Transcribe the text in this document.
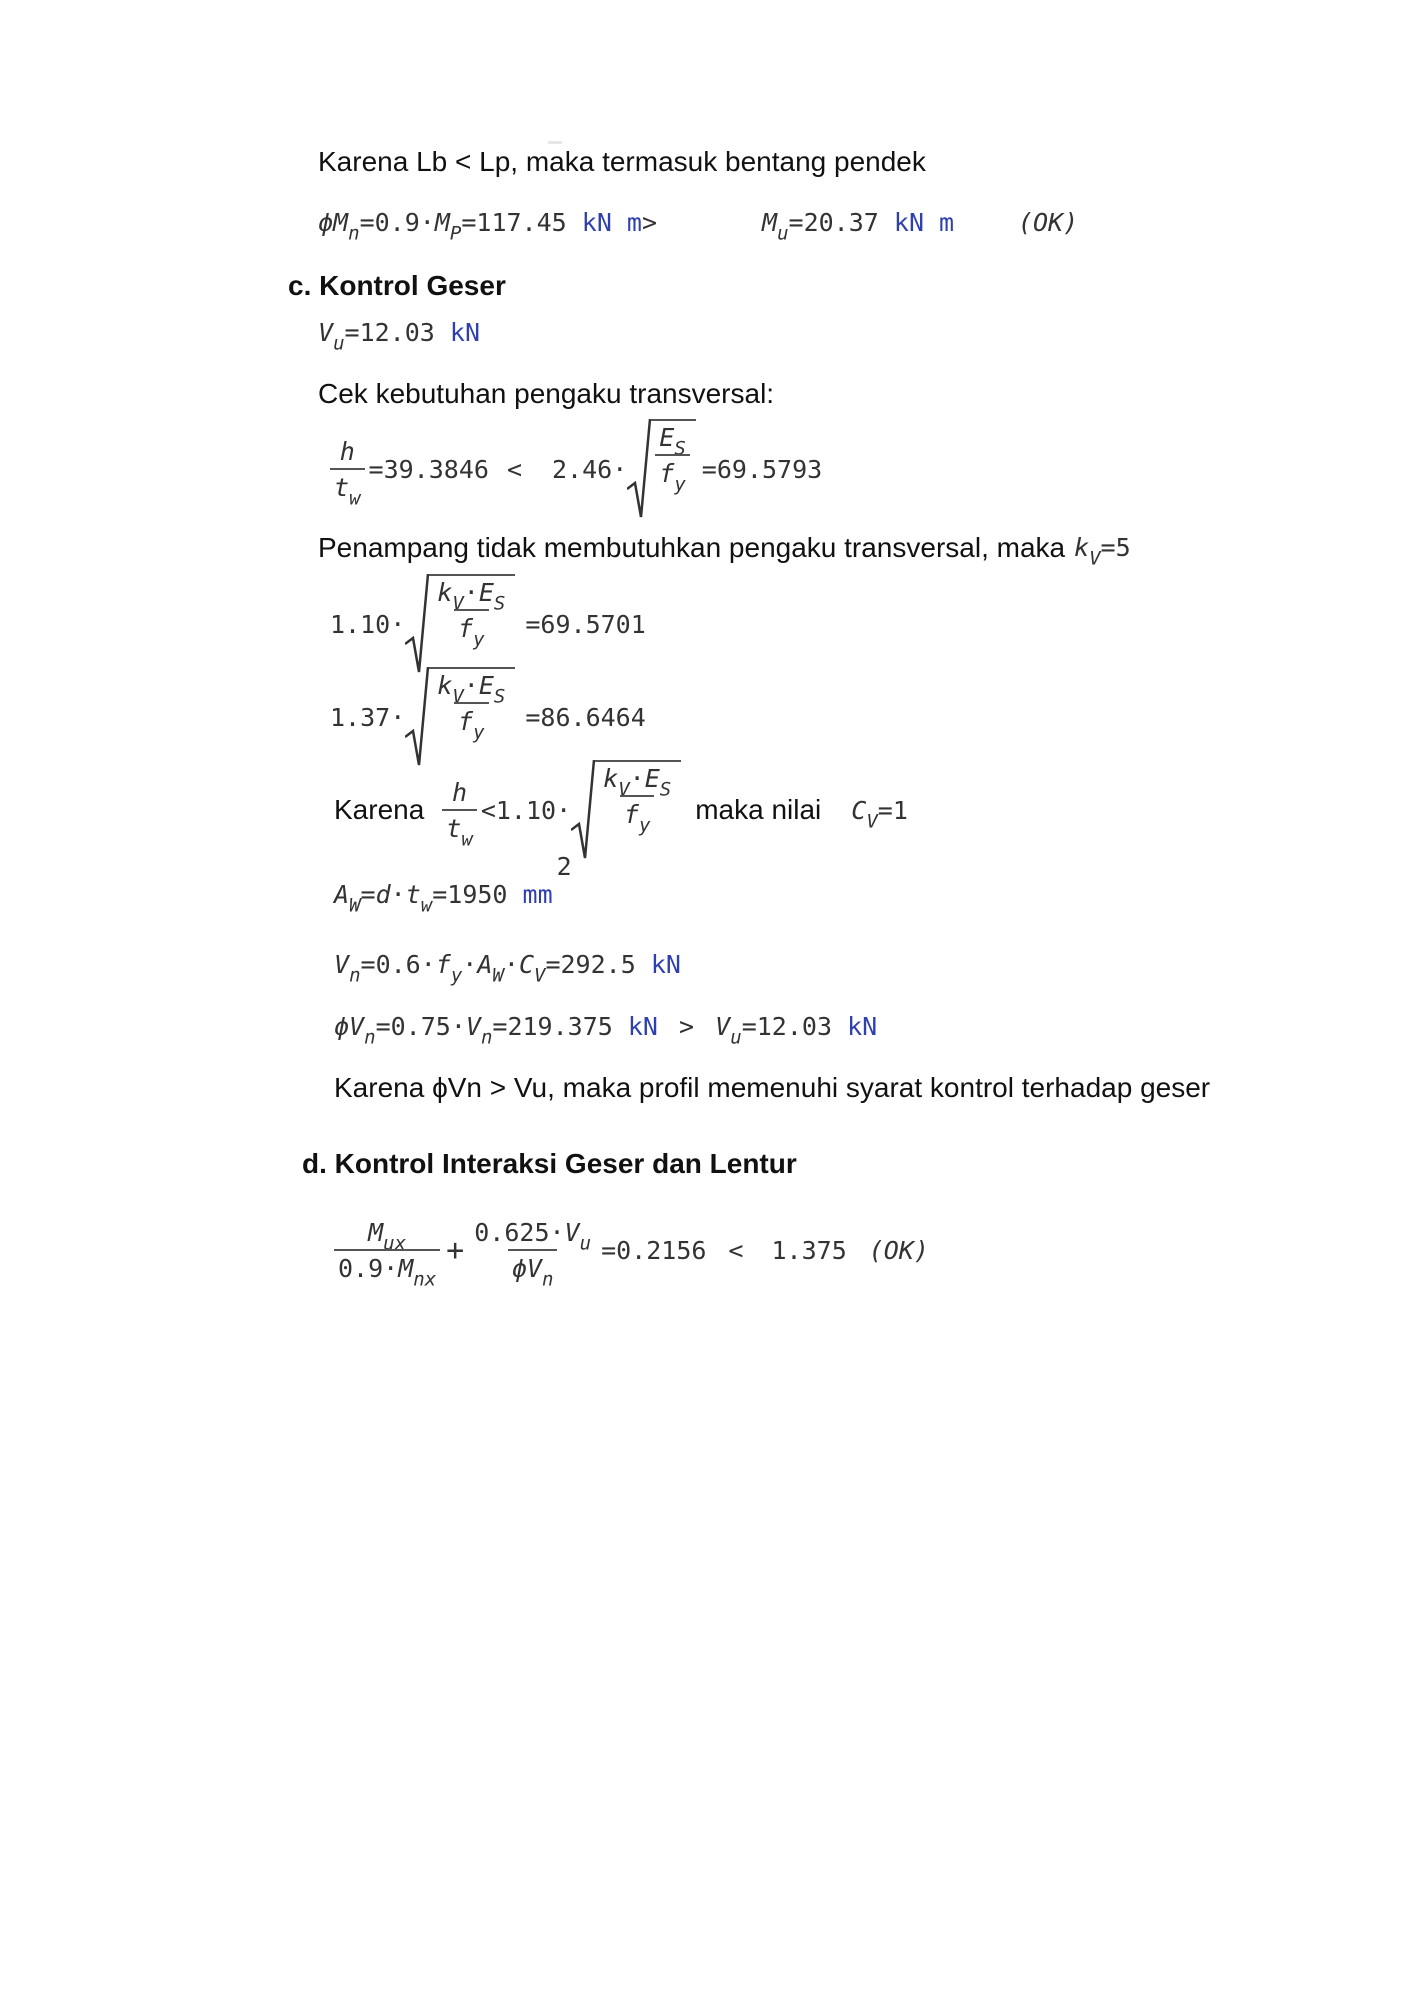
Karena Lb < Lp, maka termasuk bentang pendek
$\phi M_n=0.9\cdot M_P=117.45$ kN m>	$M_u=20.37$ kN m	(OK)
c. Kontrol Geser
$V_u=12.03$ kN
Cek kebutuhan pengaku transversal:
$\frac{h}{t_w} =39.3846 < 2.46\cdot \frac{E_S}{f_y} =69.5793$
Penampang tidak membutuhkan pengaku transversal, maka $k_V=5$
$1.10\cdot \frac{k_V\cdot E_S}{f_y} =69.5701$
$1.37\cdot \frac{k_V\cdot E_S}{f_y} =86.6464$
Karena
h
$t_w$
$<1.10\cdot \frac{k_V\cdot E_S}{f_y}$ maka nilai $C_V=1$
$A_W=d\cdot t_w=1950$ mm2
$V_n=0.6\cdot f_y\cdot A_W\cdot C_V=292.5$ kN
$\phi V_n=0.75\cdot V_n=219.375$ kN > $V_u=12.03$ kN
Karena ϕVn > Vu, maka profil memenuhi syarat kontrol terhadap geser
d. Kontrol Interaksi Geser dan Lentur
$M_{ux}$
$0.9\cdot M_{nx}$
+
$0.625\cdot V_u$
$\phi V_n$
=0.2156 < 1.375 (OK)
